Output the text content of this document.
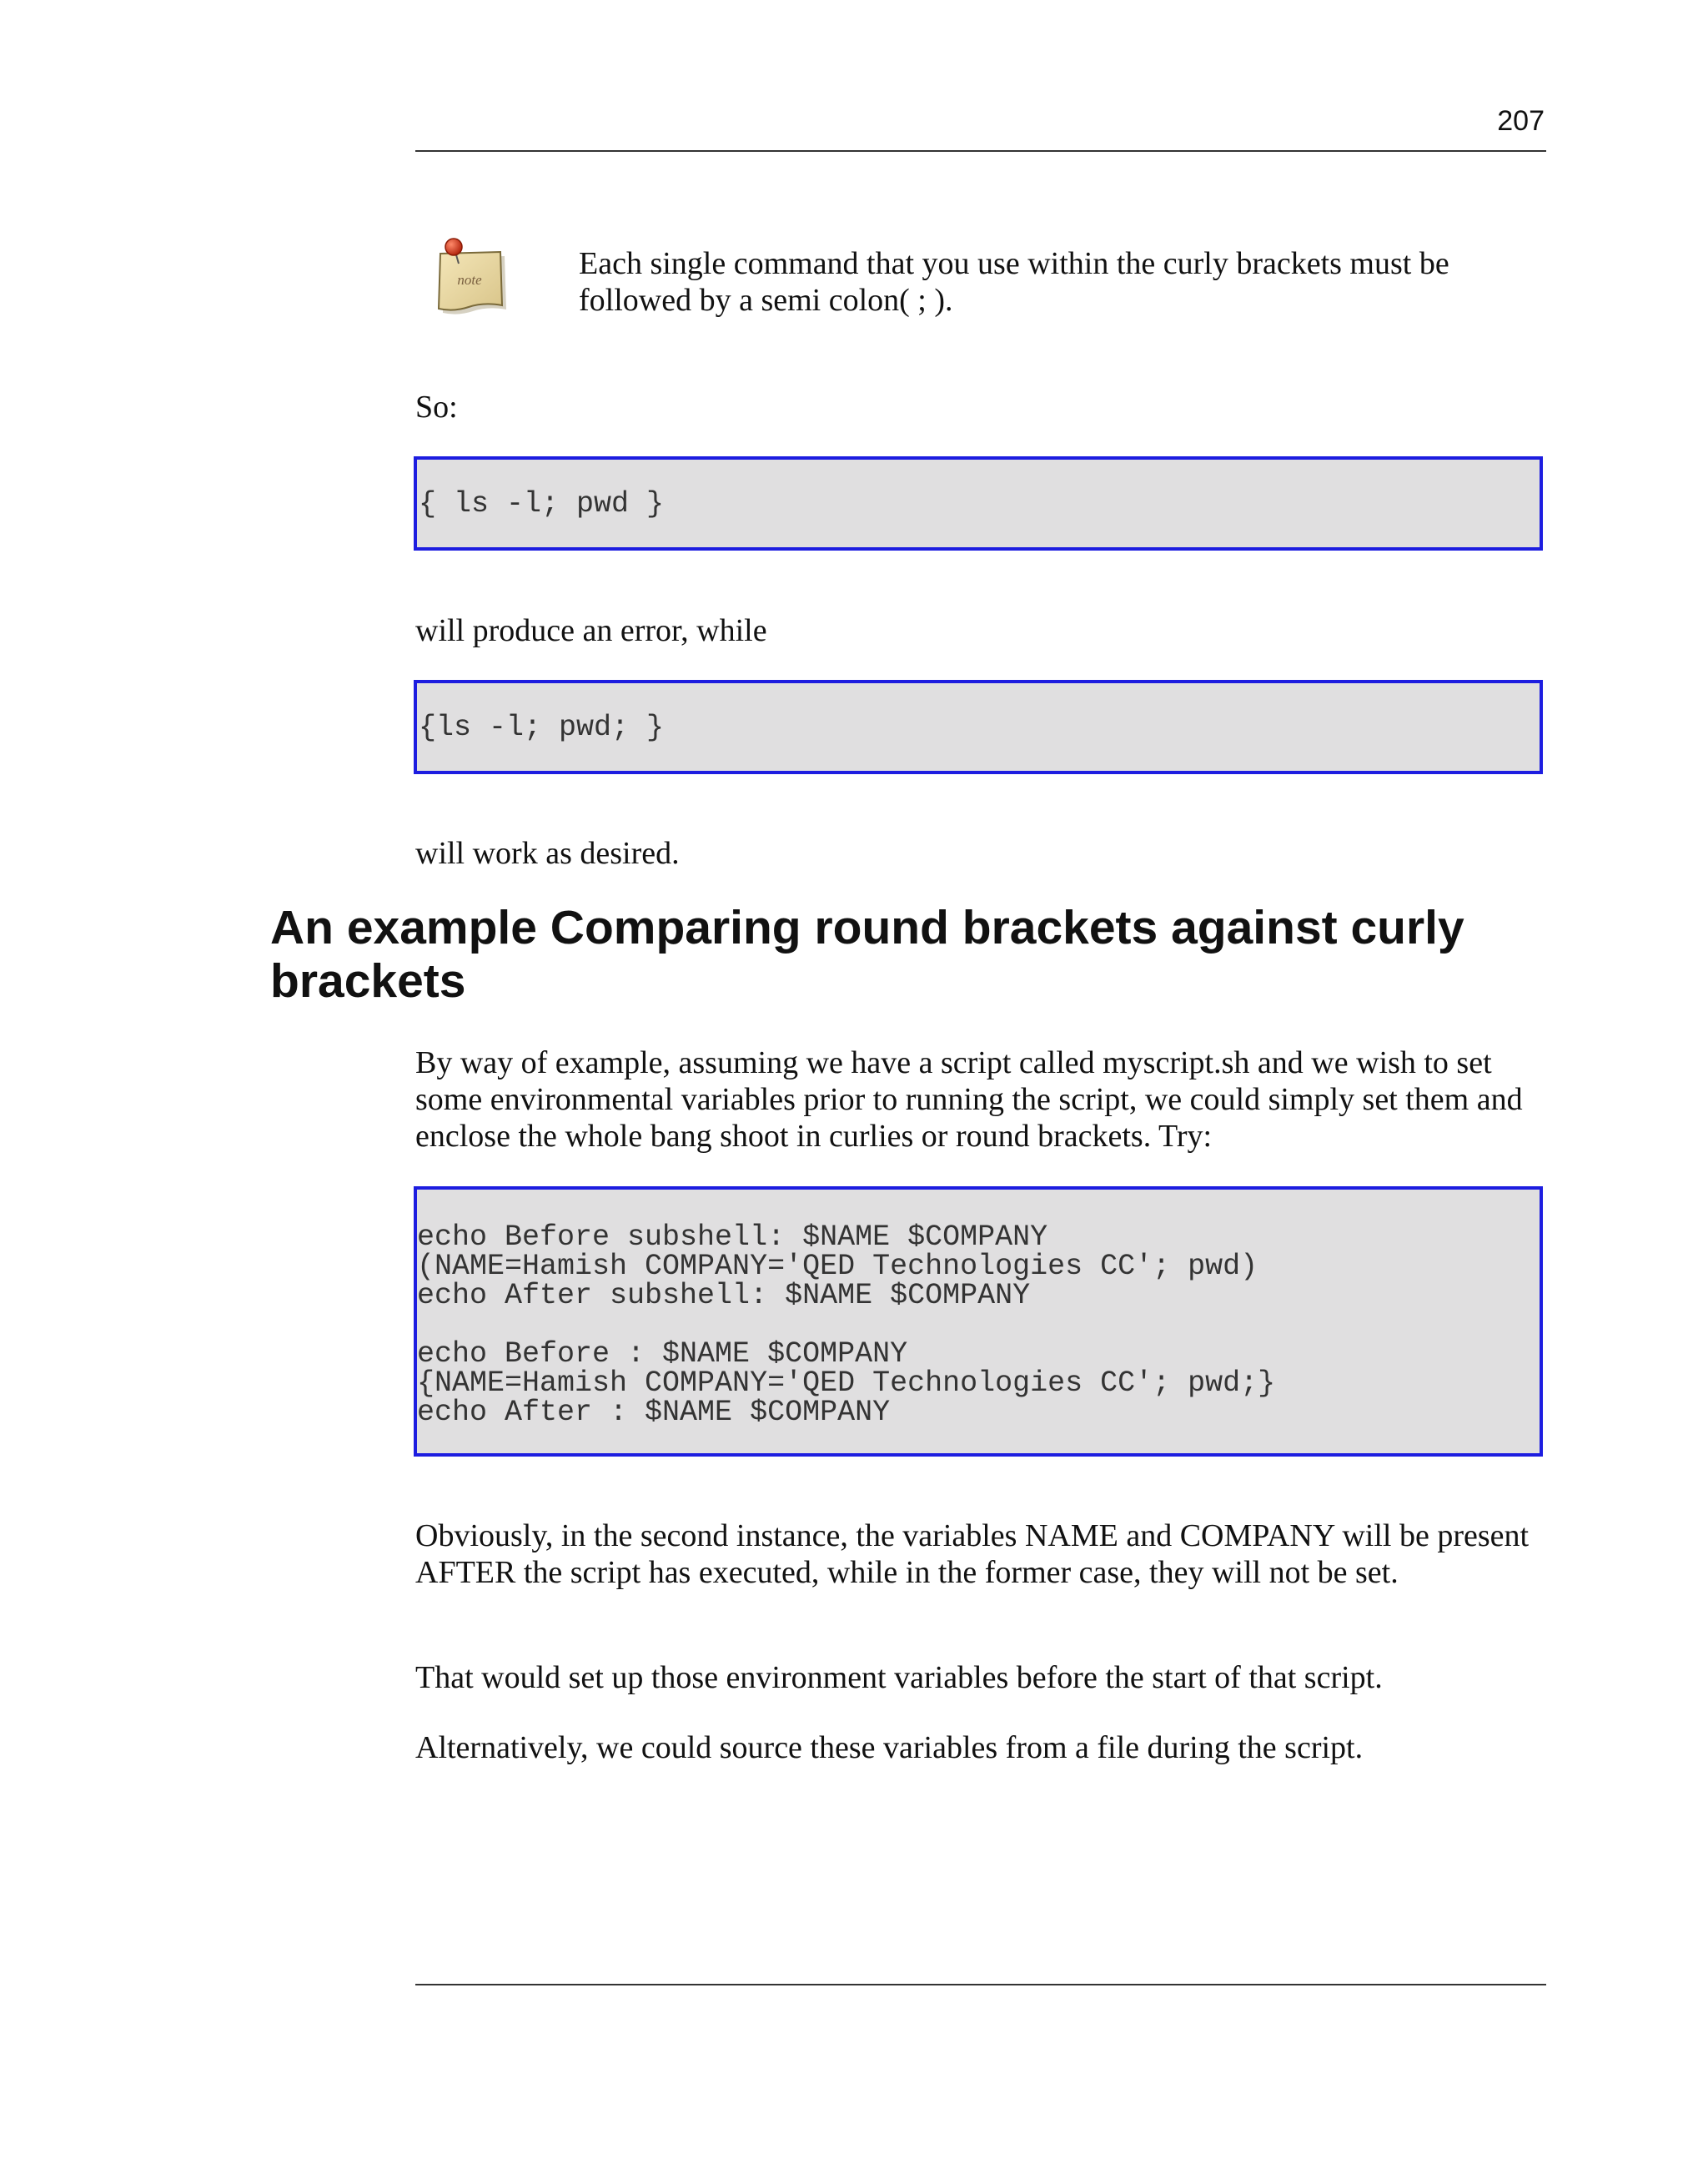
207
note	Each single command that you use within the curly brackets must be followed by a semi colon( ; ).

So:

{ ls -l; pwd }

will produce an error, while

{ls -l; pwd; }

will work as desired.

An example Comparing round brackets against curly brackets

By way of example, assuming we have a script called myscript.sh and we wish to set some environmental variables prior to running the script, we could simply set them and enclose the whole bang shoot in curlies or round brackets. Try:

echo Before subshell: $NAME $COMPANY
(NAME=Hamish COMPANY='QED Technologies CC'; pwd)
echo After subshell: $NAME $COMPANY

echo Before : $NAME $COMPANY
{NAME=Hamish COMPANY='QED Technologies CC'; pwd;}
echo After : $NAME $COMPANY

Obviously, in the second instance, the variables NAME and COMPANY will be present AFTER the script has executed, while in the former case, they will not be set.

That would set up those environment variables before the start of that script.

Alternatively, we could source these variables from a file during the script.
